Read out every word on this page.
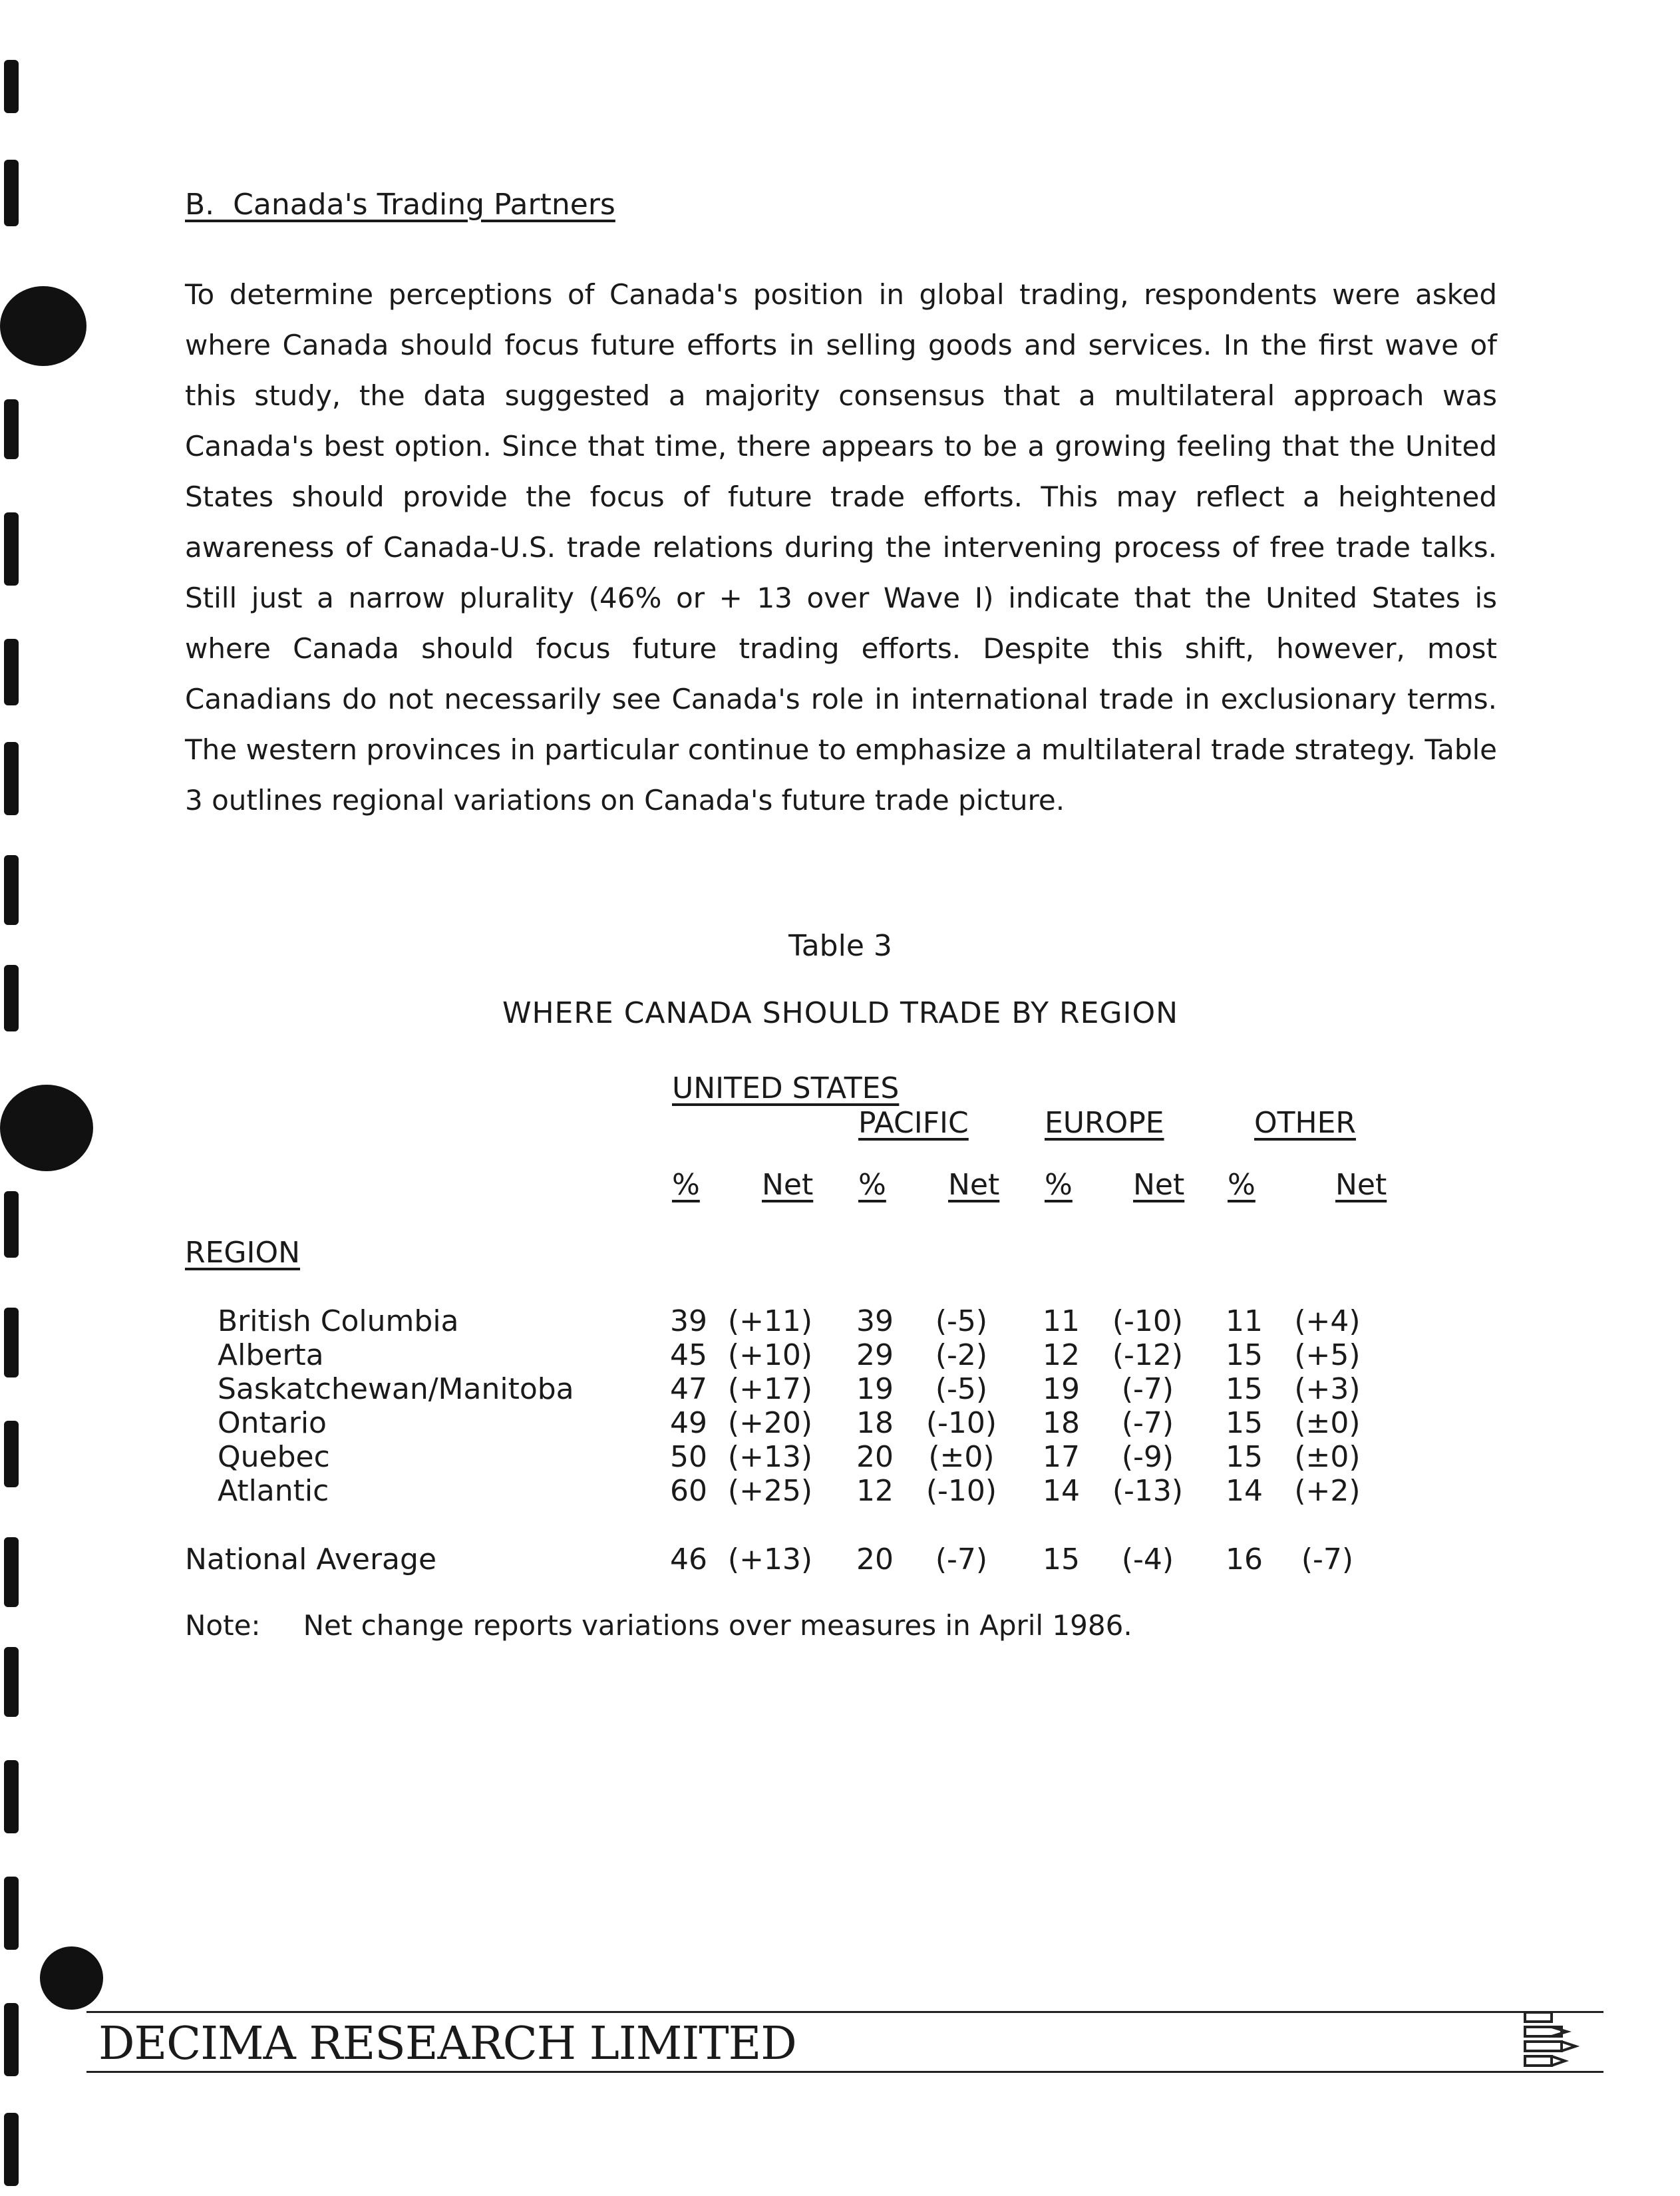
B.  Canada's Trading Partners

To determine perceptions of Canada's position in global trading, respondents were asked where Canada should focus future efforts in selling goods and services. In the first wave of this study, the data suggested a majority consensus that a multilateral approach was Canada's best option. Since that time, there appears to be a growing feeling that the United States should provide the focus of future trade efforts. This may reflect a heightened awareness of Canada-U.S. trade relations during the intervening process of free trade talks. Still just a narrow plurality (46% or + 13 over Wave I) indicate that the United States is where Canada should focus future trading efforts. Despite this shift, however, most Canadians do not necessarily see Canada's role in international trade in exclusionary terms. The western provinces in particular continue to emphasize a multilateral trade strategy. Table 3 outlines regional variations on Canada's future trade picture.

Table 3
WHERE CANADA SHOULD TRADE BY REGION
UNITED STATES
PACIFIC	EUROPE	OTHER
% Net % Net % Net %	Net
REGION
British Columbia	39 (+11)	39	(-5)	11	(-10)	11	(+4)
Alberta	45 (+10)	29	(-2)	12	(-12)	15	(+5)
Saskatchewan/Manitoba	47 (+17)	19	(-5)	19	(-7)	15	(+3)
Ontario	49 (+20)	18	(-10)	18	(-7)	15	(±0)
Quebec	50 (+13)	20	(±0)	17	(-9)	15	(±0)
Atlantic	60 (+25)	12	(-10)	14	(-13)	14	(+2)
National Average	46 (+13)	20	(-7)	15	(-4)	16	(-7)
Note: Net change reports variations over measures in April 1986.
DECIMA RESEARCH LIMITED
